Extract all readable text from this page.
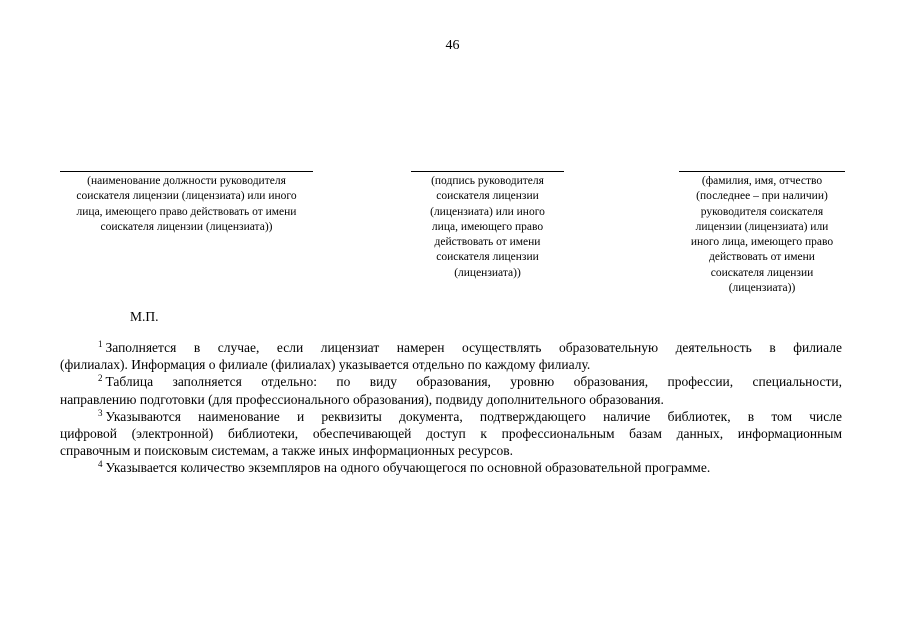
46
(наименование должности руководителя
соискателя лицензии (лицензиата) или иного
лица, имеющего право действовать от имени
соискателя лицензии (лицензиата))
(подпись руководителя
соискателя лицензии
(лицензиата) или иного
лица, имеющего право
действовать от имени
соискателя лицензии
(лицензиата))
(фамилия, имя, отчество
(последнее – при наличии)
руководителя соискателя
лицензии (лицензиата) или
иного лица, имеющего право
действовать от имени
соискателя лицензии
(лицензиата))
М.П.

$^1$ Заполняется в случае, если лицензиат намерен осуществлять образовательную деятельность в филиале
(филиалах). Информация о филиале (филиалах) указывается отдельно по каждому филиалу.

$^2$ Таблица заполняется отдельно: по виду образования, уровню образования, профессии, специальности,
направлению подготовки (для профессионального образования), подвиду дополнительного образования.

$^3$ Указываются наименование и реквизиты документа, подтверждающего наличие библиотек, в том числе
цифровой (электронной) библиотеки, обеспечивающей доступ к профессиональным базам данных, информационным
справочным и поисковым системам, а также иных информационных ресурсов.

$^4$ Указывается количество экземпляров на одного обучающегося по основной образовательной программе.
